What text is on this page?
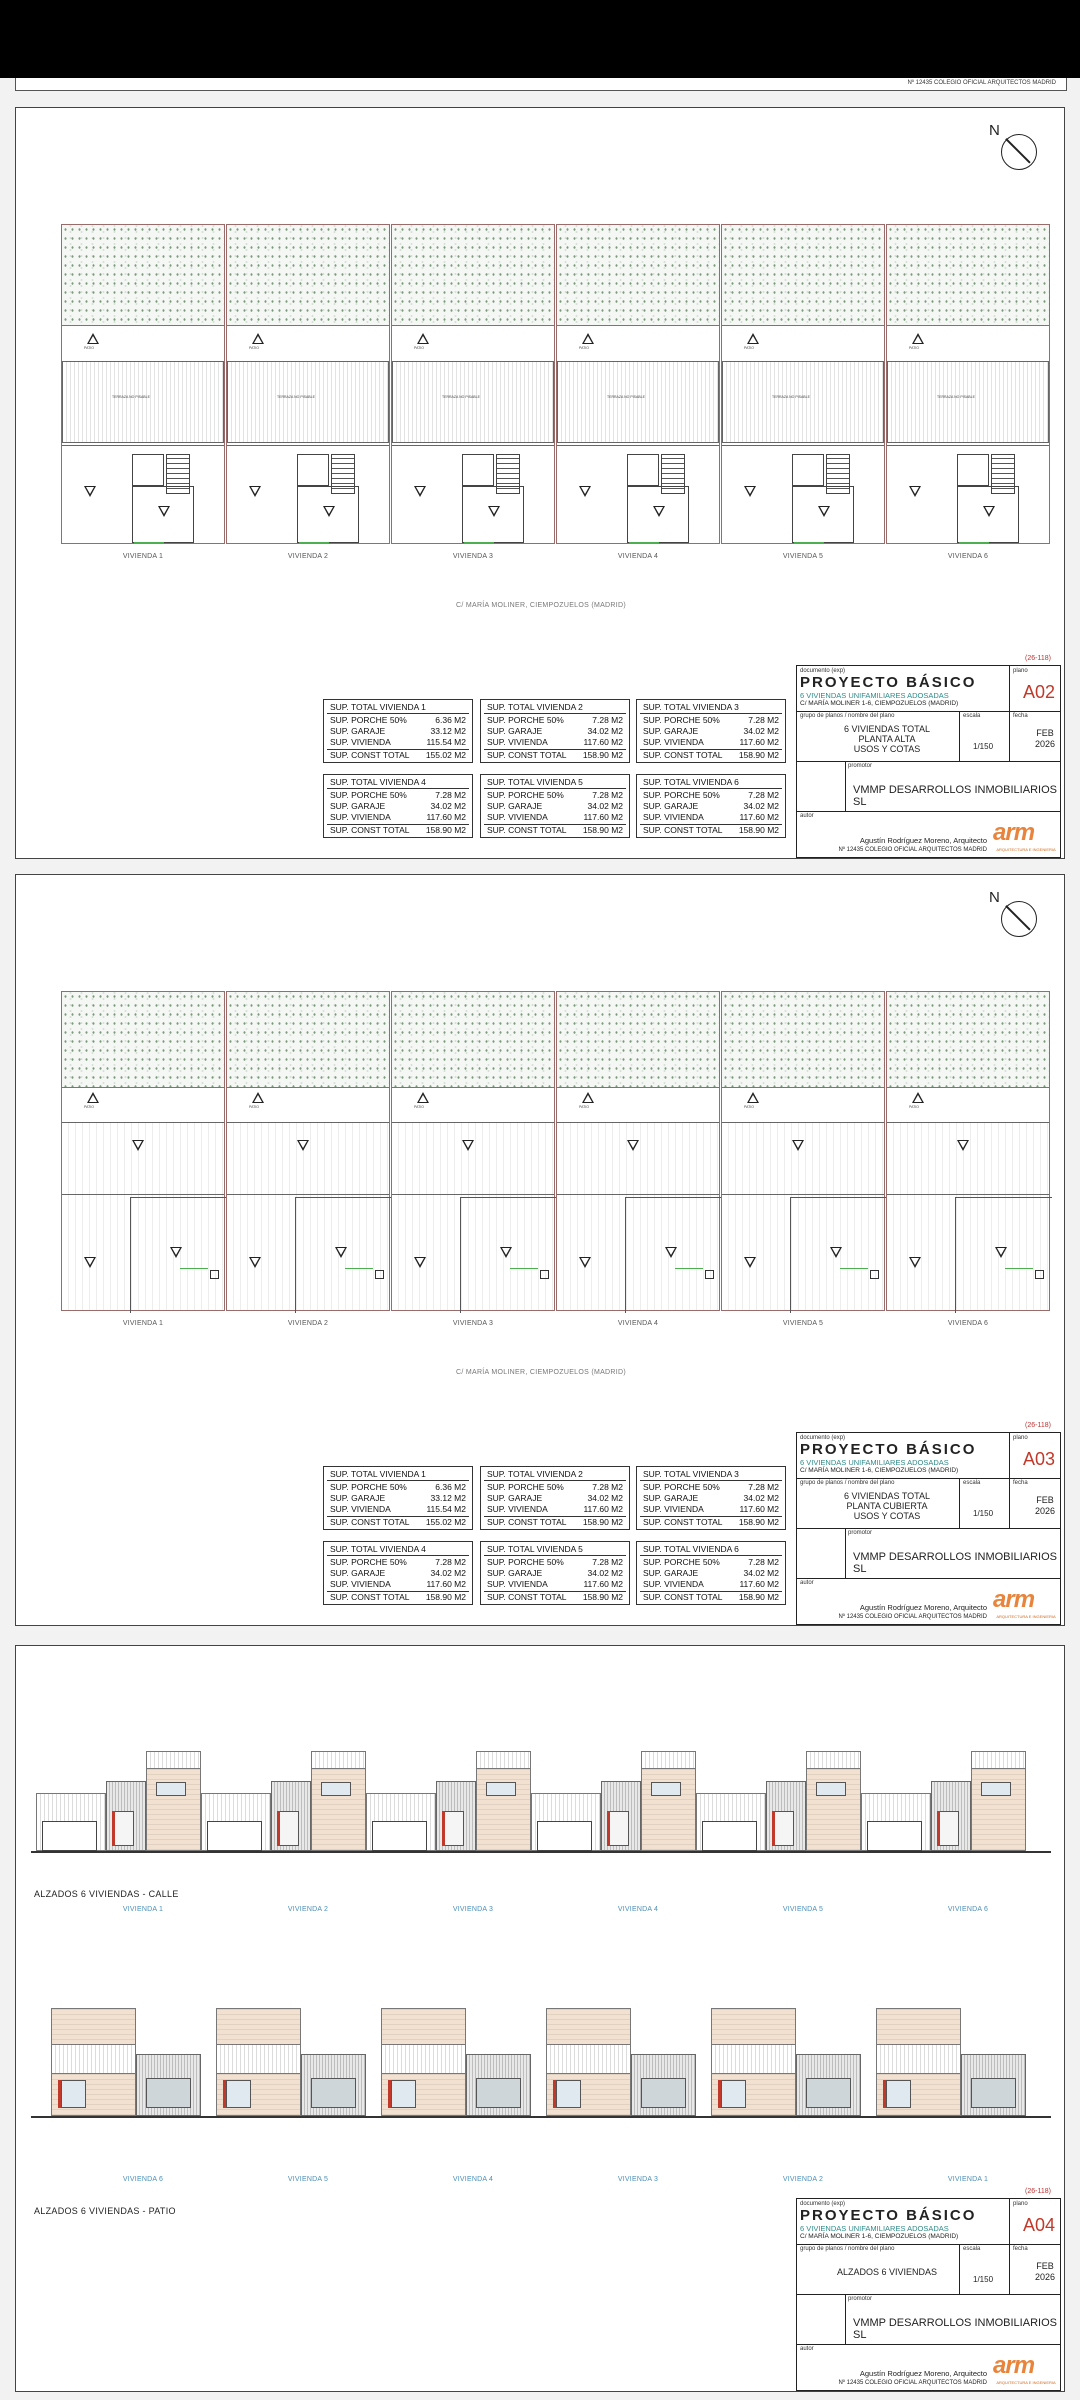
Nº 12435 COLEGIO OFICIAL ARQUITECTOS MADRID
N
PATIO
TERRAZA NO PISABLE
PATIO
TERRAZA NO PISABLE
PATIO
TERRAZA NO PISABLE
PATIO
TERRAZA NO PISABLE
PATIO
TERRAZA NO PISABLE
PATIO
TERRAZA NO PISABLE
VIVIENDA 1	VIVIENDA 2	VIVIENDA 3	VIVIENDA 4	VIVIENDA 5	VIVIENDA 6
C/ MARÍA MOLINER, CIEMPOZUELOS (MADRID)
SUP. TOTAL VIVIENDA 1
SUP. PORCHE 50%	6.36 M2
SUP. GARAJE	33.12 M2
SUP. VIVIENDA	115.54 M2
SUP. CONST TOTAL 155.02 M2
SUP. TOTAL VIVIENDA 2
SUP. PORCHE 50%	7.28 M2
SUP. GARAJE	34.02 M2
SUP. VIVIENDA	117.60 M2
SUP. CONST TOTAL 158.90 M2
SUP. TOTAL VIVIENDA 3
SUP. PORCHE 50%	7.28 M2
SUP. GARAJE	34.02 M2
SUP. VIVIENDA	117.60 M2
SUP. CONST TOTAL 158.90 M2
SUP. TOTAL VIVIENDA 4
SUP. PORCHE 50%	7.28 M2
SUP. GARAJE	34.02 M2
SUP. VIVIENDA	117.60 M2
SUP. CONST TOTAL 158.90 M2
SUP. TOTAL VIVIENDA 5
SUP. PORCHE 50%	7.28 M2
SUP. GARAJE	34.02 M2
SUP. VIVIENDA	117.60 M2
SUP. CONST TOTAL 158.90 M2
SUP. TOTAL VIVIENDA 6
SUP. PORCHE 50%	7.28 M2
SUP. GARAJE	34.02 M2
SUP. VIVIENDA	117.60 M2
SUP. CONST TOTAL 158.90 M2
(26-118)
documento (exp)
PROYECTO BÁSICO
6 VIVIENDAS UNIFAMILIARES ADOSADAS
C/ MARÍA MOLINER 1-6, CIEMPOZUELOS (MADRID)
plano
A02
grupo de planos / nombre del plano
6 VIVIENDAS TOTAL
PLANTA ALTA
USOS Y COTAS
escala
1/150
fecha
FEB
2026
promotor
VMMP DESARROLLOS INMOBILIARIOS SL
autor
Agustín Rodríguez Moreno, Arquitecto
Nº 12435 COLEGIO OFICIAL ARQUITECTOS MADRID
arm
ARQUITECTURA E INGENIERIA
N
PATIO	PATIO	PATIO	PATIO	PATIO	PATIO
VIVIENDA 1	VIVIENDA 2	VIVIENDA 3	VIVIENDA 4	VIVIENDA 5	VIVIENDA 6
C/ MARÍA MOLINER, CIEMPOZUELOS (MADRID)
SUP. TOTAL VIVIENDA 1
SUP. PORCHE 50%	6.36 M2
SUP. GARAJE	33.12 M2
SUP. VIVIENDA	115.54 M2
SUP. CONST TOTAL 155.02 M2
SUP. TOTAL VIVIENDA 2
SUP. PORCHE 50%	7.28 M2
SUP. GARAJE	34.02 M2
SUP. VIVIENDA	117.60 M2
SUP. CONST TOTAL 158.90 M2
SUP. TOTAL VIVIENDA 3
SUP. PORCHE 50%	7.28 M2
SUP. GARAJE	34.02 M2
SUP. VIVIENDA	117.60 M2
SUP. CONST TOTAL 158.90 M2
SUP. TOTAL VIVIENDA 4
SUP. PORCHE 50%	7.28 M2
SUP. GARAJE	34.02 M2
SUP. VIVIENDA	117.60 M2
SUP. CONST TOTAL 158.90 M2
SUP. TOTAL VIVIENDA 5
SUP. PORCHE 50%	7.28 M2
SUP. GARAJE	34.02 M2
SUP. VIVIENDA	117.60 M2
SUP. CONST TOTAL 158.90 M2
SUP. TOTAL VIVIENDA 6
SUP. PORCHE 50%	7.28 M2
SUP. GARAJE	34.02 M2
SUP. VIVIENDA	117.60 M2
SUP. CONST TOTAL 158.90 M2
(26-118)
documento (exp)
PROYECTO BÁSICO
6 VIVIENDAS UNIFAMILIARES ADOSADAS
C/ MARÍA MOLINER 1-6, CIEMPOZUELOS (MADRID)
plano
A03
grupo de planos / nombre del plano
6 VIVIENDAS TOTAL
PLANTA CUBIERTA
USOS Y COTAS
escala
1/150
fecha
FEB
2026
promotor
VMMP DESARROLLOS INMOBILIARIOS SL
autor
Agustín Rodríguez Moreno, Arquitecto
Nº 12435 COLEGIO OFICIAL ARQUITECTOS MADRID
arm
ARQUITECTURA E INGENIERIA
ALZADOS 6 VIVIENDAS - CALLE
VIVIENDA 1	VIVIENDA 2	VIVIENDA 3	VIVIENDA 4	VIVIENDA 5	VIVIENDA 6
VIVIENDA 6	VIVIENDA 5	VIVIENDA 4	VIVIENDA 3	VIVIENDA 2	VIVIENDA 1
ALZADOS 6 VIVIENDAS - PATIO
(26-118)
documento (exp)
PROYECTO BÁSICO
6 VIVIENDAS UNIFAMILIARES ADOSADAS
C/ MARÍA MOLINER 1-6, CIEMPOZUELOS (MADRID)
plano
A04
grupo de planos / nombre del plano
ALZADOS 6 VIVIENDAS
escala
1/150
fecha
FEB
2026
promotor
VMMP DESARROLLOS INMOBILIARIOS SL
autor
Agustín Rodríguez Moreno, Arquitecto
Nº 12435 COLEGIO OFICIAL ARQUITECTOS MADRID
arm
ARQUITECTURA E INGENIERIA
